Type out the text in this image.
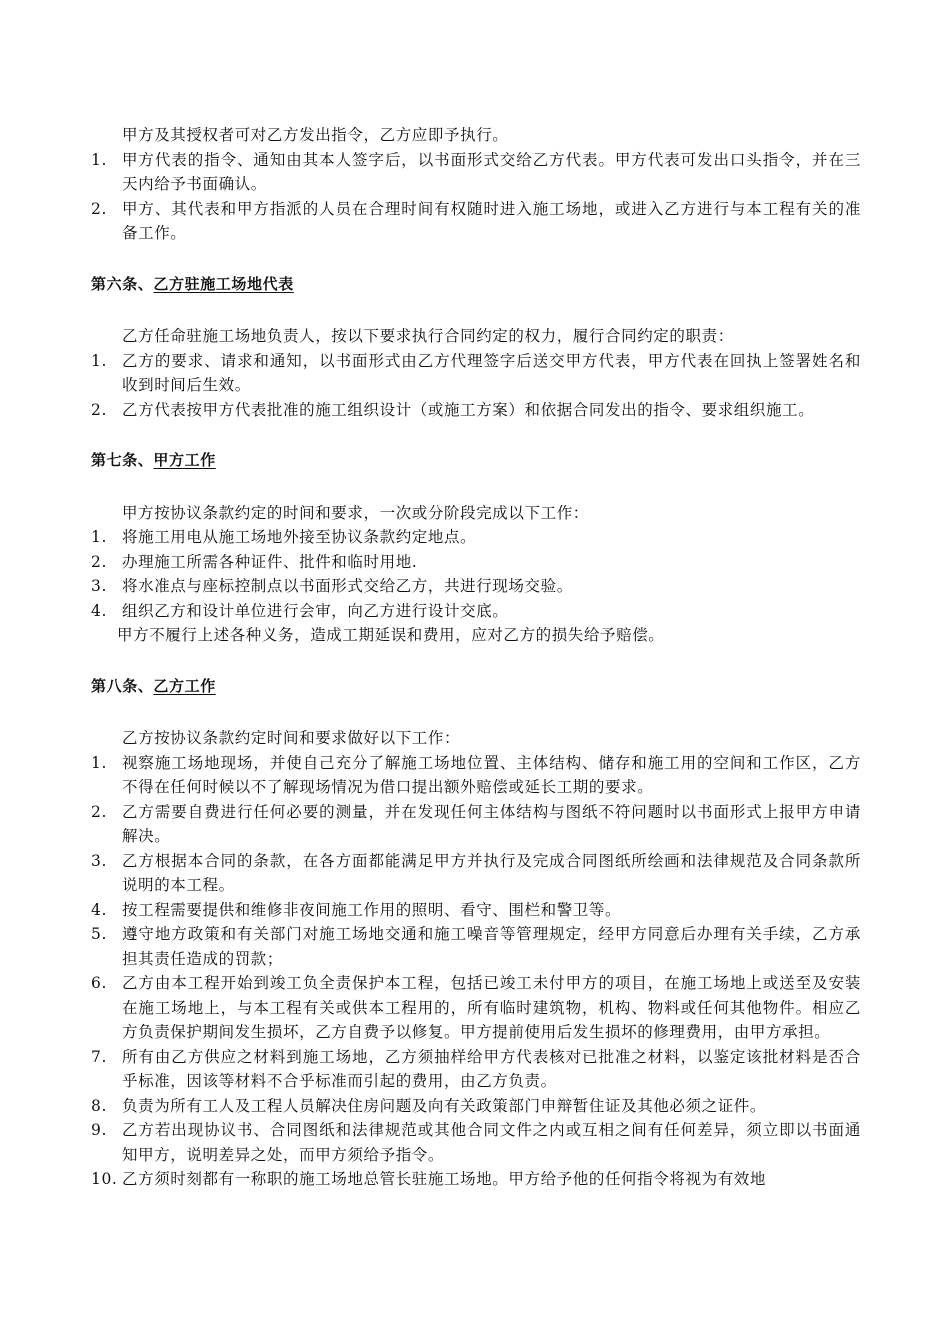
甲方及其授权者可对乙方发出指令，乙方应即予执行。

1. 甲方代表的指令、通知由其本人签字后，以书面形式交给乙方代表。甲方代表可发出口头指令，并在三天内给予书面确认。
2. 甲方、其代表和甲方指派的人员在合理时间有权随时进入施工场地，或进入乙方进行与本工程有关的准备工作。

第六条、乙方驻施工场地代表

乙方任命驻施工场地负责人，按以下要求执行合同约定的权力，履行合同约定的职责：

1. 乙方的要求、请求和通知，以书面形式由乙方代理签字后送交甲方代表，甲方代表在回执上签署姓名和收到时间后生效。
2. 乙方代表按甲方代表批准的施工组织设计（或施工方案）和依据合同发出的指令、要求组织施工。

第七条、甲方工作

甲方按协议条款约定的时间和要求，一次或分阶段完成以下工作：

1. 将施工用电从施工场地外接至协议条款约定地点。
2. 办理施工所需各种证件、批件和临时用地.
3. 将水准点与座标控制点以书面形式交给乙方，共进行现场交验。
4. 组织乙方和设计单位进行会审，向乙方进行设计交底。

甲方不履行上述各种义务，造成工期延误和费用，应对乙方的损失给予赔偿。

第八条、乙方工作

乙方按协议条款约定时间和要求做好以下工作：

1. 视察施工场地现场，并使自己充分了解施工场地位置、主体结构、储存和施工用的空间和工作区，乙方不得在任何时候以不了解现场情况为借口提出额外赔偿或延长工期的要求。
2. 乙方需要自费进行任何必要的测量，并在发现任何主体结构与图纸不符问题时以书面形式上报甲方申请解决。
3. 乙方根据本合同的条款，在各方面都能满足甲方并执行及完成合同图纸所绘画和法律规范及合同条款所说明的本工程。
4. 按工程需要提供和维修非夜间施工作用的照明、看守、围栏和警卫等。
5. 遵守地方政策和有关部门对施工场地交通和施工噪音等管理规定，经甲方同意后办理有关手续，乙方承担其责任造成的罚款；
6. 乙方由本工程开始到竣工负全责保护本工程，包括已竣工未付甲方的项目，在施工场地上或送至及安装在施工场地上，与本工程有关或供本工程用的，所有临时建筑物，机构、物料或任何其他物件。相应乙方负责保护期间发生损坏，乙方自费予以修复。甲方提前使用后发生损坏的修理费用，由甲方承担。
7. 所有由乙方供应之材料到施工场地，乙方须抽样给甲方代表核对已批准之材料，以鉴定该批材料是否合乎标准，因该等材料不合乎标准而引起的费用，由乙方负责。
8. 负责为所有工人及工程人员解决住房问题及向有关政策部门申辩暂住证及其他必须之证件。
9. 乙方若出现协议书、合同图纸和法律规范或其他合同文件之内或互相之间有任何差异，须立即以书面通知甲方，说明差异之处，而甲方须给予指令。
10. 乙方须时刻都有一称职的施工场地总管长驻施工场地。甲方给予他的任何指令将视为有效地
